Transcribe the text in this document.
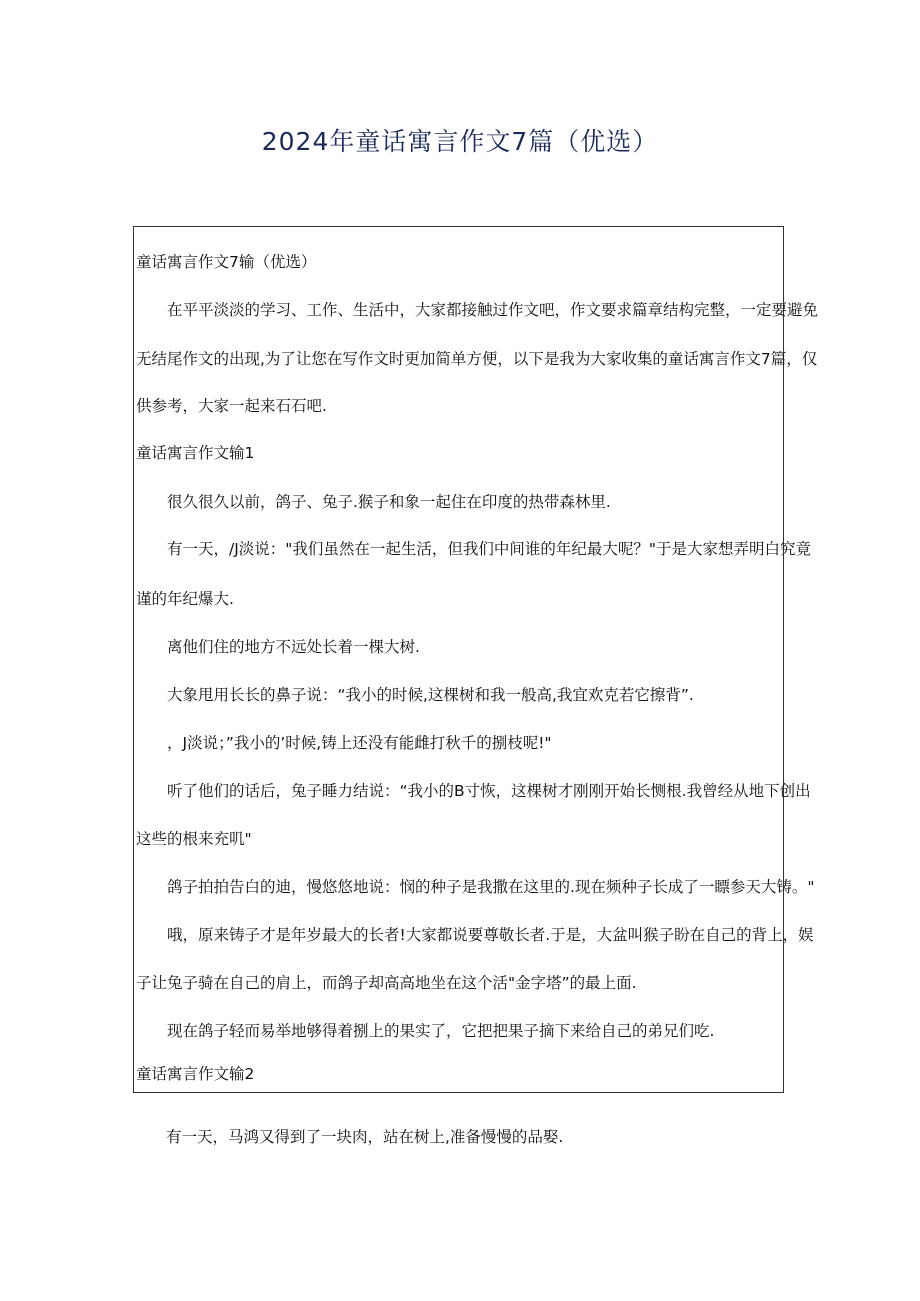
2024年童话寓言作文7篇（优选）
童话寓言作文7输（优选）
在平平淡淡的学习、工作、生活中，大家都接触过作文吧，作文要求篇章结构完整，一定要避免
无结尾作文的出现,为了让您在写作文时更加简单方便，以下是我为大家收集的童话寓言作文7篇，仅
供参考，大家一起来石石吧.
童话寓言作文输1
很久很久以前，鸽子、兔子.猴子和象一起住在印度的热带森林里.
有一天，/J淡说："我们虽然在一起生活，但我们中间谁的年纪最大呢？"于是大家想弄明白究竟
谨的年纪爆大.
离他们住的地方不远处长着一棵大树.
大象甩用长长的鼻子说：“我小的时候,这棵树和我一般高,我宜欢克若它擦背”.
，J淡说；”我小的’时候,铸上还没有能雌打秋千的捌枝呢!"
听了他们的话后，兔子睡力结说：“我小的B寸恢，这棵树才刚刚开始长恻根.我曾经从地下创出
这些的根来充叽"
鸽子拍拍告白的迪，慢悠悠地说：悯的种子是我撒在这里的.现在频种子长成了一瞟参天大铸。"
哦，原来铸子才是年岁最大的长者!大家都说要尊敬长者.于是，大盆叫猴子盼在自己的背上，娱
子让兔子骑在自己的肩上，而鸽子却高高地坐在这个活"金字塔”的最上面.
现在鸽子轻而易举地够得着捌上的果实了，它把把果子摘下来给自己的弟兄们吃.
童话寓言作文输2
有一天，马鸿又得到了一块肉，站在树上,准备慢慢的品娶.
